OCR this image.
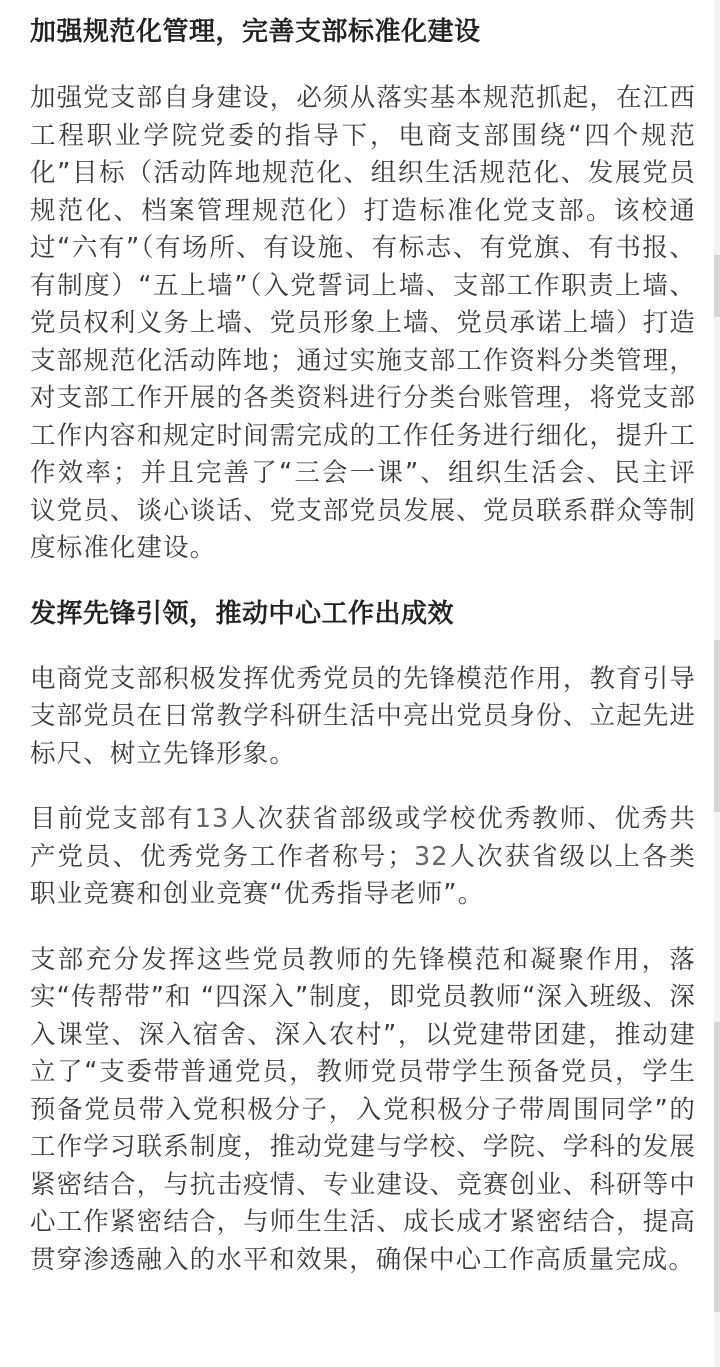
加强规范化管理，完善支部标准化建设

加强党支部自身建设，必须从落实基本规范抓起，在江西工程职业学院党委的指导下，电商支部围绕“四个规范化”目标（活动阵地规范化、组织生活规范化、发展党员规范化、档案管理规范化）打造标准化党支部。该校通过“六有”（有场所、有设施、有标志、有党旗、有书报、有制度）“五上墙”（入党誓词上墙、支部工作职责上墙、党员权利义务上墙、党员形象上墙、党员承诺上墙）打造支部规范化活动阵地；通过实施支部工作资料分类管理，对支部工作开展的各类资料进行分类台账管理，将党支部工作内容和规定时间需完成的工作任务进行细化，提升工作效率；并且完善了“三会一课”、组织生活会、民主评议党员、谈心谈话、党支部党员发展、党员联系群众等制度标准化建设。

发挥先锋引领，推动中心工作出成效

电商党支部积极发挥优秀党员的先锋模范作用，教育引导支部党员在日常教学科研生活中亮出党员身份、立起先进标尺、树立先锋形象。

目前党支部有13人次获省部级或学校优秀教师、优秀共产党员、优秀党务工作者称号；32人次获省级以上各类职业竞赛和创业竞赛“优秀指导老师”。

支部充分发挥这些党员教师的先锋模范和凝聚作用，落实“传帮带”和 “四深入”制度，即党员教师“深入班级、深入课堂、深入宿舍、深入农村”，以党建带团建，推动建立了“支委带普通党员，教师党员带学生预备党员，学生预备党员带入党积极分子，入党积极分子带周围同学”的工作学习联系制度，推动党建与学校、学院、学科的发展紧密结合，与抗击疫情、专业建设、竞赛创业、科研等中心工作紧密结合，与师生生活、成长成才紧密结合，提高贯穿渗透融入的水平和效果，确保中心工作高质量完成。
